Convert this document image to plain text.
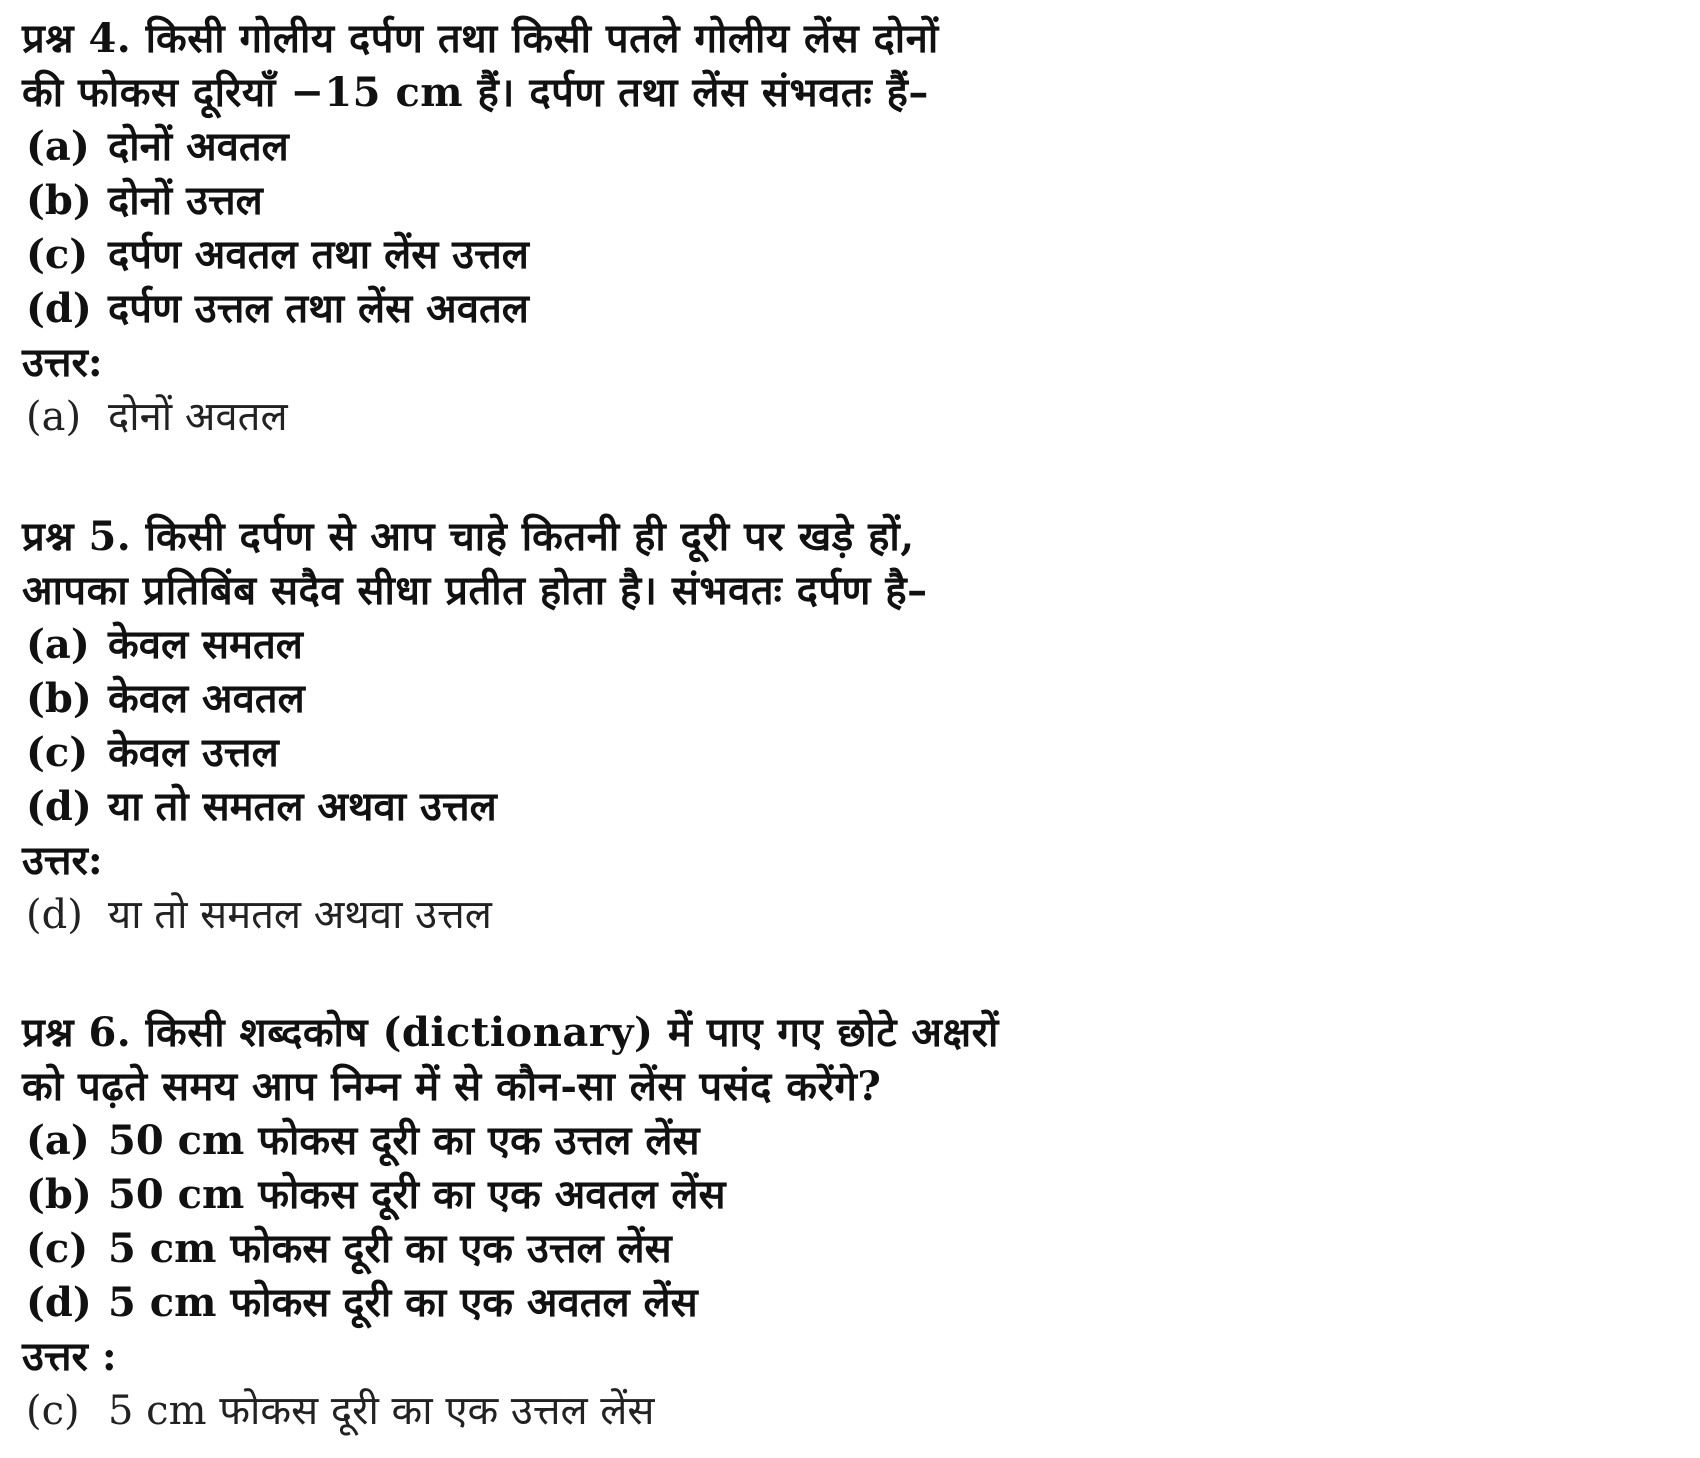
प्रश्न 4. किसी गोलीय दर्पण तथा किसी पतले गोलीय लेंस दोनों
की फोकस दूरियाँ −15 cm हैं। दर्पण तथा लेंस संभवतः हैं–
(a) दोनों अवतल
(b) दोनों उत्तल
(c) दर्पण अवतल तथा लेंस उत्तल
(d) दर्पण उत्तल तथा लेंस अवतल
उत्तर:
(a) दोनों अवतल
प्रश्न 5. किसी दर्पण से आप चाहे कितनी ही दूरी पर खड़े हों,
आपका प्रतिबिंब सदैव सीधा प्रतीत होता है। संभवतः दर्पण है–
(a) केवल समतल
(b) केवल अवतल
(c) केवल उत्तल
(d) या तो समतल अथवा उत्तल
उत्तर:
(d) या तो समतल अथवा उत्तल
प्रश्न 6. किसी शब्दकोष (dictionary) में पाए गए छोटे अक्षरों
को पढ़ते समय आप निम्न में से कौन-सा लेंस पसंद करेंगे?
(a) 50 cm फोकस दूरी का एक उत्तल लेंस
(b) 50 cm फोकस दूरी का एक अवतल लेंस
(c) 5 cm फोकस दूरी का एक उत्तल लेंस
(d) 5 cm फोकस दूरी का एक अवतल लेंस
उत्तर :
(c) 5 cm फोकस दूरी का एक उत्तल लेंस
